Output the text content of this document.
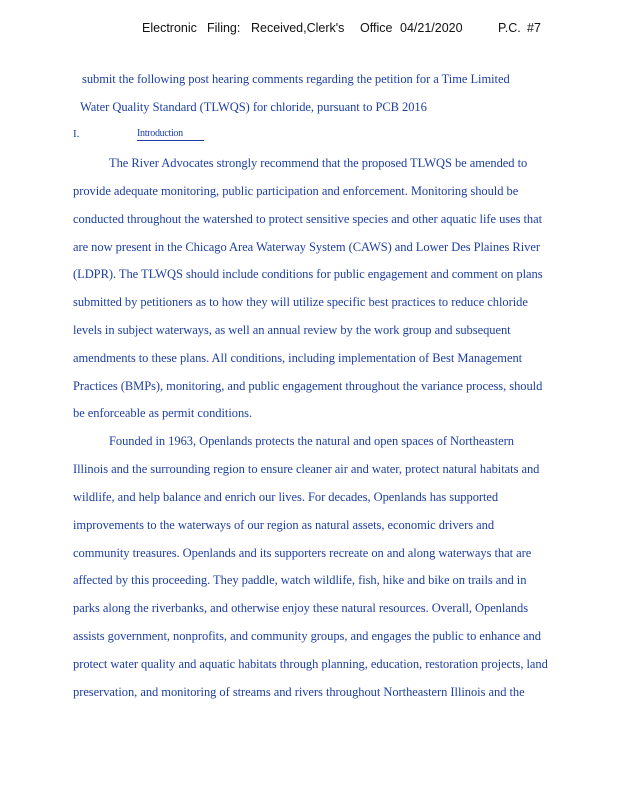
Electronic Filing: Received,Clerk's Office 04/21/2020	P.C. #7
submit the following post hearing comments regarding the petition for a Time Limited
Water Quality Standard (TLWQS) for chloride, pursuant to PCB 2016
I.	Introduction
The River Advocates strongly recommend that the proposed TLWQS be amended to
provide adequate monitoring, public participation and enforcement. Monitoring should be
conducted throughout the watershed to protect sensitive species and other aquatic life uses that
are now present in the Chicago Area Waterway System (CAWS) and Lower Des Plaines River
(LDPR). The TLWQS should include conditions for public engagement and comment on plans
submitted by petitioners as to how they will utilize specific best practices to reduce chloride
levels in subject waterways, as well an annual review by the work group and subsequent
amendments to these plans. All conditions, including implementation of Best Management
Practices (BMPs), monitoring, and public engagement throughout the variance process, should
be enforceable as permit conditions.
Founded in 1963, Openlands protects the natural and open spaces of Northeastern
Illinois and the surrounding region to ensure cleaner air and water, protect natural habitats and
wildlife, and help balance and enrich our lives. For decades, Openlands has supported
improvements to the waterways of our region as natural assets, economic drivers and
community treasures. Openlands and its supporters recreate on and along waterways that are
affected by this proceeding. They paddle, watch wildlife, fish, hike and bike on trails and in
parks along the riverbanks, and otherwise enjoy these natural resources. Overall, Openlands
assists government, nonprofits, and community groups, and engages the public to enhance and
protect water quality and aquatic habitats through planning, education, restoration projects, land
preservation, and monitoring of streams and rivers throughout Northeastern Illinois and the
